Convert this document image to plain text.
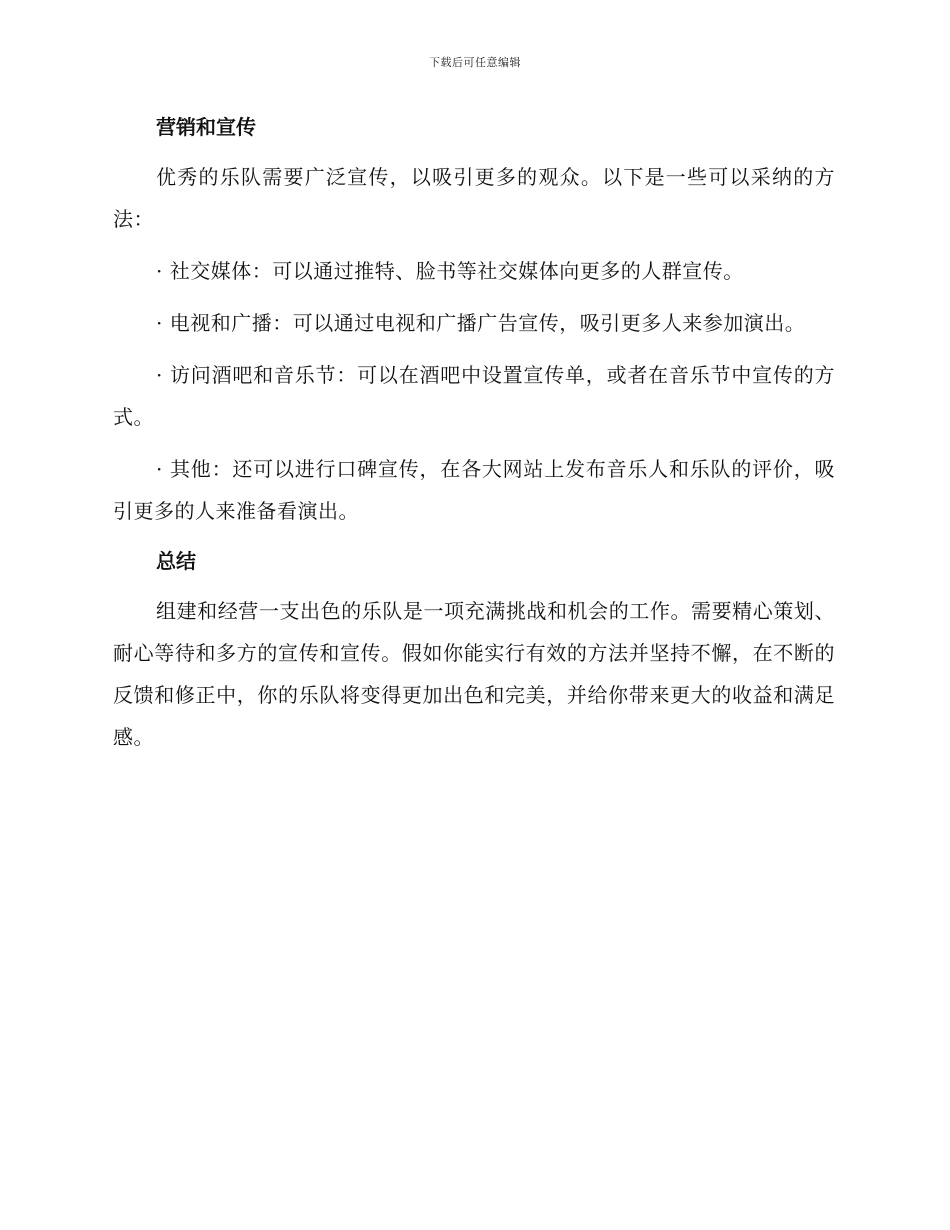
下载后可任意编辑
营销和宣传

优秀的乐队需要广泛宣传，以吸引更多的观众。以下是一些可以采纳的方法：

· 社交媒体：可以通过推特、脸书等社交媒体向更多的人群宣传。

· 电视和广播：可以通过电视和广播广告宣传，吸引更多人来参加演出。

· 访问酒吧和音乐节：可以在酒吧中设置宣传单，或者在音乐节中宣传的方式。

· 其他：还可以进行口碑宣传，在各大网站上发布音乐人和乐队的评价，吸引更多的人来准备看演出。

总结

组建和经营一支出色的乐队是一项充满挑战和机会的工作。需要精心策划、耐心等待和多方的宣传和宣传。假如你能实行有效的方法并坚持不懈，在不断的反馈和修正中，你的乐队将变得更加出色和完美，并给你带来更大的收益和满足感。
